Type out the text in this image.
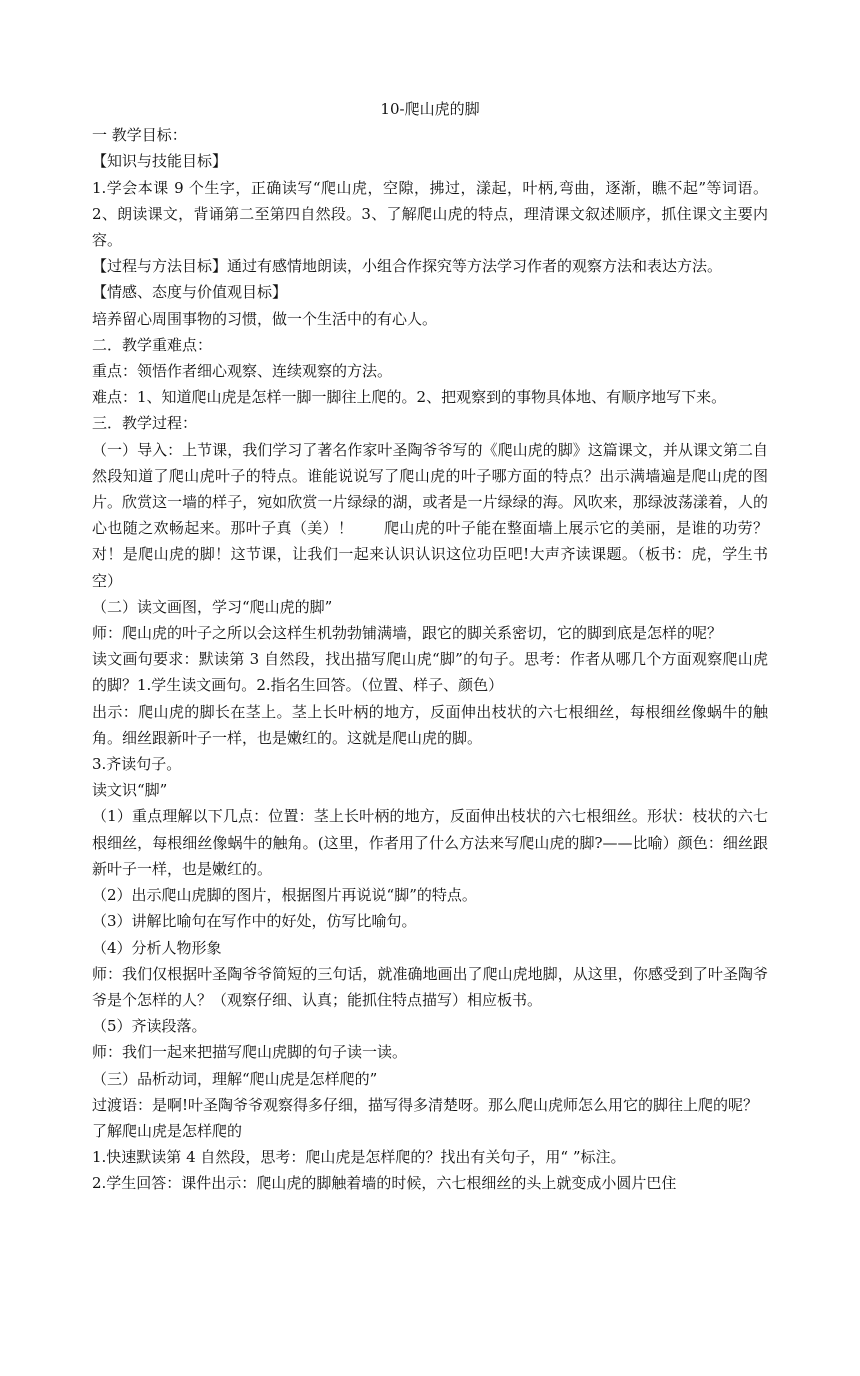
10-爬山虎的脚

一 教学目标：

【知识与技能目标】

1.学会本课 9 个生字，正确读写“爬山虎，空隙，拂过，漾起，叶柄,弯曲，逐渐，瞧不起”等词语。2、朗读课文，背诵第二至第四自然段。3、了解爬山虎的特点，理清课文叙述顺序，抓住课文主要内容。

【过程与方法目标】通过有感情地朗读，小组合作探究等方法学习作者的观察方法和表达方法。

【情感、态度与价值观目标】

培养留心周围事物的习惯，做一个生活中的有心人。

二．教学重难点：

重点：领悟作者细心观察、连续观察的方法。

难点：1、知道爬山虎是怎样一脚一脚往上爬的。2、把观察到的事物具体地、有顺序地写下来。

三．教学过程：

（一）导入：上节课，我们学习了著名作家叶圣陶爷爷写的《爬山虎的脚》这篇课文，并从课文第二自然段知道了爬山虎叶子的特点。谁能说说写了爬山虎的叶子哪方面的特点？出示满墙遍是爬山虎的图片。欣赏这一墙的样子，宛如欣赏一片绿绿的湖，或者是一片绿绿的海。风吹来，那绿波荡漾着，人的心也随之欢畅起来。那叶子真（美）！　　爬山虎的叶子能在整面墙上展示它的美丽，是谁的功劳？对！是爬山虎的脚！这节课，让我们一起来认识认识这位功臣吧!大声齐读课题。（板书：虎，学生书空）

（二）读文画图，学习“爬山虎的脚”

师：爬山虎的叶子之所以会这样生机勃勃铺满墙，跟它的脚关系密切，它的脚到底是怎样的呢？

读文画句要求：默读第 3 自然段，找出描写爬山虎“脚”的句子。思考：作者从哪几个方面观察爬山虎的脚？1.学生读文画句。2.指名生回答。（位置、样子、颜色）

出示：爬山虎的脚长在茎上。茎上长叶柄的地方，反面伸出枝状的六七根细丝，每根细丝像蜗牛的触角。细丝跟新叶子一样，也是嫩红的。这就是爬山虎的脚。

3.齐读句子。

读文识“脚”

（1）重点理解以下几点：位置：茎上长叶柄的地方，反面伸出枝状的六七根细丝。形状：枝状的六七根细丝，每根细丝像蜗牛的触角。(这里，作者用了什么方法来写爬山虎的脚?——比喻）颜色：细丝跟新叶子一样，也是嫩红的。

（2）出示爬山虎脚的图片，根据图片再说说“脚”的特点。

（3）讲解比喻句在写作中的好处，仿写比喻句。

（4）分析人物形象

师：我们仅根据叶圣陶爷爷简短的三句话，就准确地画出了爬山虎地脚，从这里，你感受到了叶圣陶爷爷是个怎样的人？（观察仔细、认真；能抓住特点描写）相应板书。

（5）齐读段落。

师：我们一起来把描写爬山虎脚的句子读一读。

（三）品析动词，理解“爬山虎是怎样爬的”

过渡语：是啊!叶圣陶爷爷观察得多仔细，描写得多清楚呀。那么爬山虎师怎么用它的脚往上爬的呢？

了解爬山虎是怎样爬的

1.快速默读第 4 自然段，思考：爬山虎是怎样爬的？找出有关句子，用“ ”标注。

2.学生回答：课件出示：爬山虎的脚触着墙的时候，六七根细丝的头上就变成小圆片巴住
